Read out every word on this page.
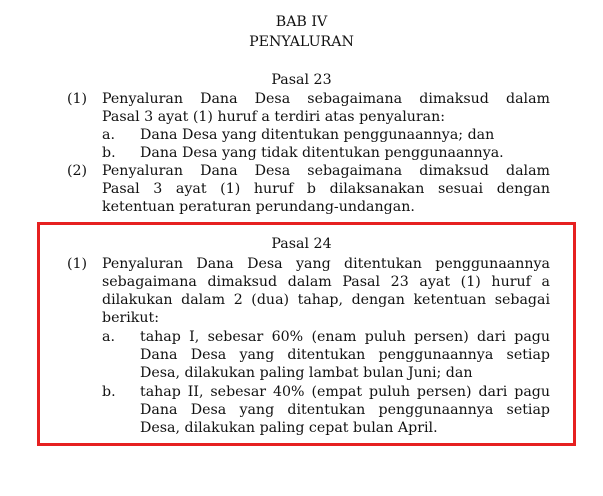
BAB IV
PENYALURAN
Pasal 23
(1) Penyaluran Dana Desa sebagaimana dimaksud dalam
Pasal 3 ayat (1) huruf a terdiri atas penyaluran:
a. Dana Desa yang ditentukan penggunaannya; dan
b. Dana Desa yang tidak ditentukan penggunaannya.
(2) Penyaluran Dana Desa sebagaimana dimaksud dalam
Pasal 3 ayat (1) huruf b dilaksanakan sesuai dengan
ketentuan peraturan perundang-undangan.
Pasal 24
(1) Penyaluran Dana Desa yang ditentukan penggunaannya
sebagaimana dimaksud dalam Pasal 23 ayat (1) huruf a
dilakukan dalam 2 (dua) tahap, dengan ketentuan sebagai
berikut:
a. tahap I, sebesar 60% (enam puluh persen) dari pagu
Dana Desa yang ditentukan penggunaannya setiap
Desa, dilakukan paling lambat bulan Juni; dan
b. tahap II, sebesar 40% (empat puluh persen) dari pagu
Dana Desa yang ditentukan penggunaannya setiap
Desa, dilakukan paling cepat bulan April.
